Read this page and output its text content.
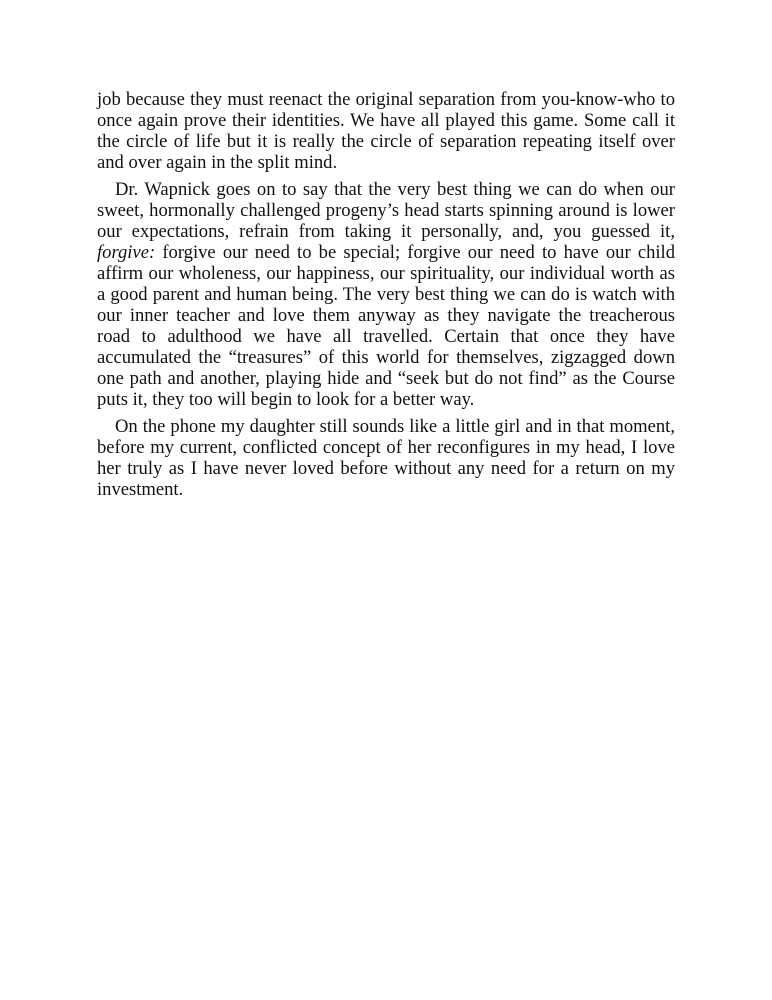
job because they must reenact the original separation from you-know-who to once again prove their identities. We have all played this game. Some call it the circle of life but it is really the circle of separation repeating itself over and over again in the split mind.

Dr. Wapnick goes on to say that the very best thing we can do when our sweet, hormonally challenged progeny’s head starts spinning around is lower our expectations, refrain from taking it personally, and, you guessed it, forgive: forgive our need to be special; forgive our need to have our child affirm our wholeness, our happiness, our spirituality, our individual worth as a good parent and human being. The very best thing we can do is watch with our inner teacher and love them anyway as they navigate the treacherous road to adulthood we have all travelled. Certain that once they have accumulated the “treasures” of this world for themselves, zigzagged down one path and another, playing hide and “seek but do not find” as the Course puts it, they too will begin to look for a better way.

On the phone my daughter still sounds like a little girl and in that moment, before my current, conflicted concept of her reconfigures in my head, I love her truly as I have never loved before without any need for a return on my investment.
